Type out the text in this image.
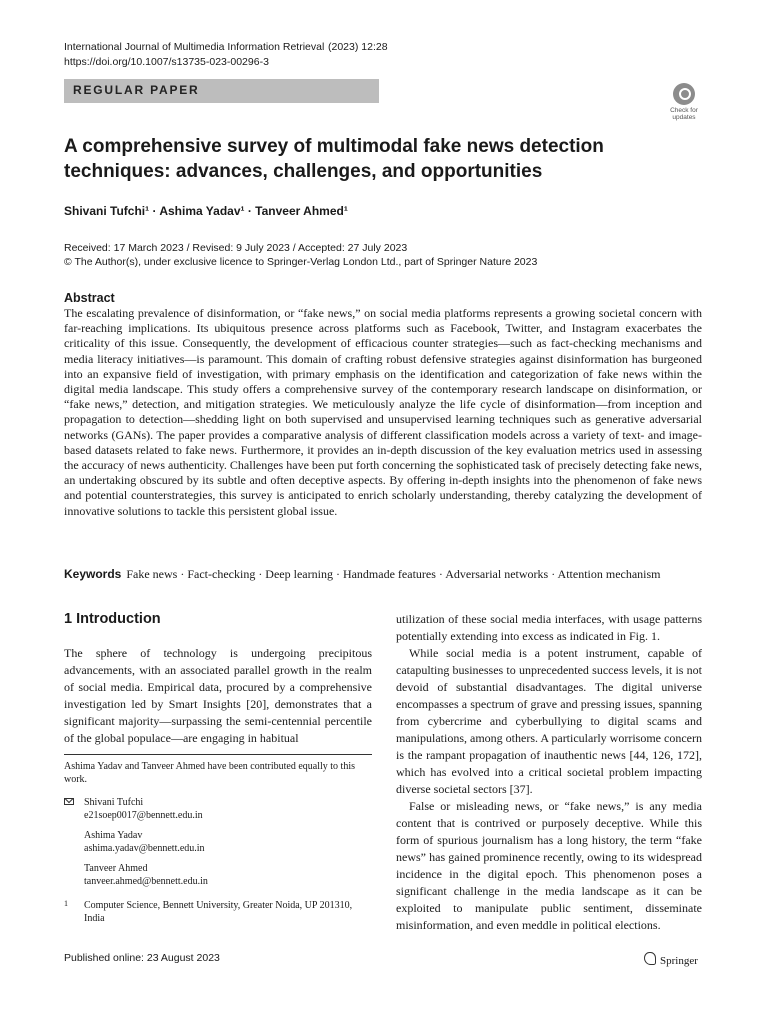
International Journal of Multimedia Information Retrieval (2023) 12:28
https://doi.org/10.1007/s13735-023-00296-3
REGULAR PAPER
Check for
updates
A comprehensive survey of multimodal fake news detection techniques: advances, challenges, and opportunities
Shivani Tufchi¹ · Ashima Yadav¹ · Tanveer Ahmed¹
Received: 17 March 2023 / Revised: 9 July 2023 / Accepted: 27 July 2023
© The Author(s), under exclusive licence to Springer-Verlag London Ltd., part of Springer Nature 2023
Abstract
The escalating prevalence of disinformation, or “fake news,” on social media platforms represents a growing societal concern with far-reaching implications. Its ubiquitous presence across platforms such as Facebook, Twitter, and Instagram exacerbates the criticality of this issue. Consequently, the development of efficacious counter strategies—such as fact-checking mechanisms and media literacy initiatives—is paramount. This domain of crafting robust defensive strategies against disinformation has burgeoned into an expansive field of investigation, with primary emphasis on the identification and categorization of fake news within the digital media landscape. This study offers a comprehensive survey of the contemporary research landscape on disinformation, or “fake news,” detection, and mitigation strategies. We meticulously analyze the life cycle of disinformation—from inception and propagation to detection—shedding light on both supervised and unsupervised learning techniques such as generative adversarial networks (GANs). The paper provides a comparative analysis of different classification models across a variety of text- and image-based datasets related to fake news. Furthermore, it provides an in-depth discussion of the key evaluation metrics used in assessing the accuracy of news authenticity. Challenges have been put forth concerning the sophisticated task of precisely detecting fake news, an undertaking obscured by its subtle and often deceptive aspects. By offering in-depth insights into the phenomenon of fake news and potential counterstrategies, this survey is anticipated to enrich scholarly understanding, thereby catalyzing the development of innovative solutions to tackle this persistent global issue.
Keywords Fake news · Fact-checking · Deep learning · Handmade features · Adversarial networks · Attention mechanism
1 Introduction
The sphere of technology is undergoing precipitous advancements, with an associated parallel growth in the realm of social media. Empirical data, procured by a comprehensive investigation led by Smart Insights [20], demonstrates that a significant majority—surpassing the semi-centennial percentile of the global populace—are engaging in habitual
Ashima Yadav and Tanveer Ahmed have been contributed equally to this work.
Shivani Tufchi
e21soep0017@bennett.edu.in
Ashima Yadav
ashima.yadav@bennett.edu.in
Tanveer Ahmed
tanveer.ahmed@bennett.edu.in
1 Computer Science, Bennett University, Greater Noida, UP 201310, India

utilization of these social media interfaces, with usage patterns potentially extending into excess as indicated in Fig. 1.

While social media is a potent instrument, capable of catapulting businesses to unprecedented success levels, it is not devoid of substantial disadvantages. The digital universe encompasses a spectrum of grave and pressing issues, spanning from cybercrime and cyberbullying to digital scams and manipulations, among others. A particularly worrisome concern is the rampant propagation of inauthentic news [44, 126, 172], which has evolved into a critical societal problem impacting diverse societal sectors [37].

False or misleading news, or “fake news,” is any media content that is contrived or purposely deceptive. While this form of spurious journalism has a long history, the term “fake news” has gained prominence recently, owing to its widespread incidence in the digital epoch. This phenomenon poses a significant challenge in the media landscape as it can be exploited to manipulate public sentiment, disseminate misinformation, and even meddle in political elections.

Published online: 23 August 2023	Springer
